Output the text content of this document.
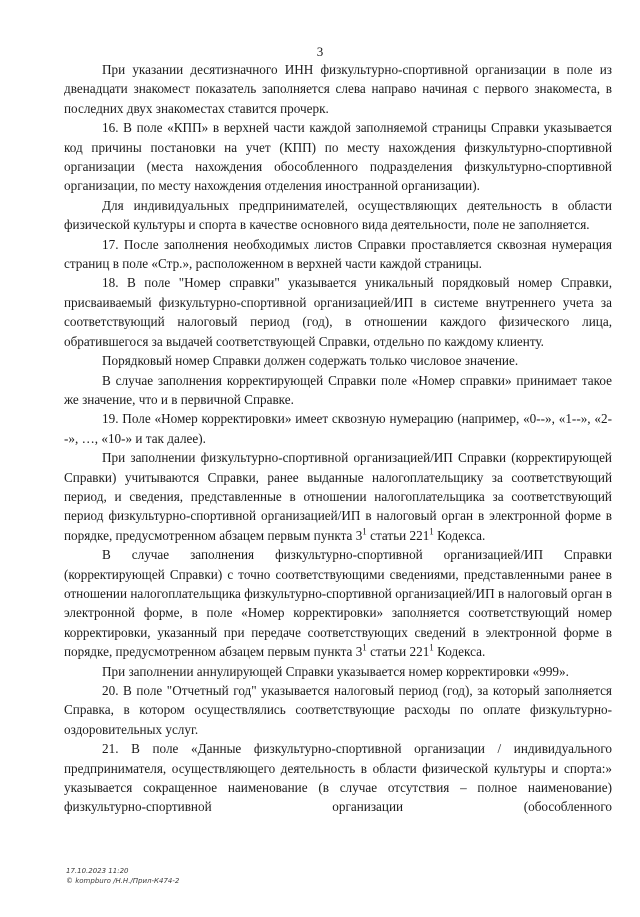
3

При указании десятизначного ИНН физкультурно-спортивной организации в поле из двенадцати знакомест показатель заполняется слева направо начиная с первого знакоместа, в последних двух знакоместах ставится прочерк.

16. В поле «КПП» в верхней части каждой заполняемой страницы Справки указывается код причины постановки на учет (КПП) по месту нахождения физкультурно-спортивной организации (места нахождения обособленного подразделения физкультурно-спортивной организации, по месту нахождения отделения иностранной организации).

Для индивидуальных предпринимателей, осуществляющих деятельность в области физической культуры и спорта в качестве основного вида деятельности, поле не заполняется.

17. После заполнения необходимых листов Справки проставляется сквозная нумерация страниц в поле «Стр.», расположенном в верхней части каждой страницы.

18. В поле "Номер справки" указывается уникальный порядковый номер Справки, присваиваемый физкультурно-спортивной организацией/ИП в системе внутреннего учета за соответствующий налоговый период (год), в отношении каждого физического лица, обратившегося за выдачей соответствующей Справки, отдельно по каждому клиенту.

Порядковый номер Справки должен содержать только числовое значение.

В случае заполнения корректирующей Справки поле «Номер справки» принимает такое же значение, что и в первичной Справке.

19. Поле «Номер корректировки» имеет сквозную нумерацию (например, «0--», «1--», «2--», …, «10-» и так далее).

При заполнении физкультурно-спортивной организацией/ИП Справки (корректирующей Справки) учитываются Справки, ранее выданные налогоплательщику за соответствующий период, и сведения, представленные в отношении налогоплательщика за соответствующий период физкультурно-спортивной организацией/ИП в налоговый орган в электронной форме в порядке, предусмотренном абзацем первым пункта $3^1$ статьи $221^1$ Кодекса.

В случае заполнения физкультурно-спортивной организацией/ИП Справки (корректирующей Справки) с точно соответствующими сведениями, представленными ранее в отношении налогоплательщика физкультурно-спортивной организацией/ИП в налоговый орган в электронной форме, в поле «Номер корректировки» заполняется соответствующий номер корректировки, указанный при передаче соответствующих сведений в электронной форме в порядке, предусмотренном абзацем первым пункта $3^1$ статьи $221^1$ Кодекса.

При заполнении аннулирующей Справки указывается номер корректировки «999».

20. В поле "Отчетный год" указывается налоговый период (год), за который заполняется Справка, в котором осуществлялись соответствующие расходы по оплате физкультурно-оздоровительных услуг.

21. В поле «Данные физкультурно-спортивной организации / индивидуального предпринимателя, осуществляющего деятельность в области физической культуры и спорта:» указывается сокращенное наименование (в случае отсутствия – полное наименование) физкультурно-спортивной организации (обособленного

17.10.2023 11:20
© kompburo /Н.Н./Прил-К474-2
